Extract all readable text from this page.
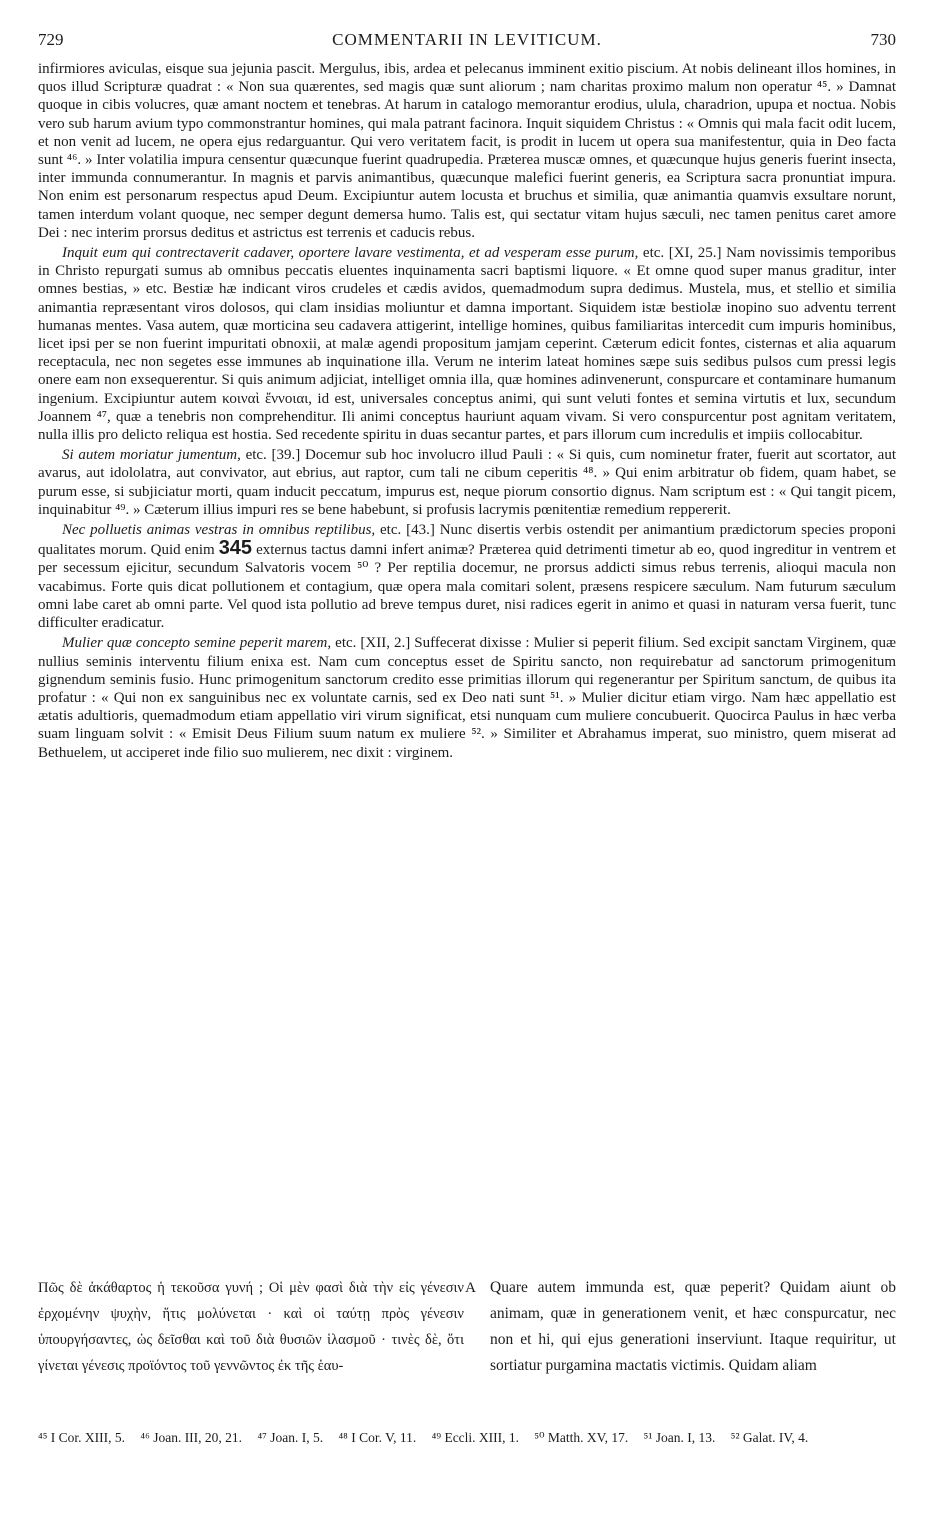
729	COMMENTARII IN LEVITICUM.	730

infirmiores aviculas, eisque sua jejunia pascit. Mergulus, ibis, ardea et pelecanus imminent exitio piscium. At nobis delineant illos homines, in quos illud Scripturæ quadrat : « Non sua quærentes, sed magis quæ sunt aliorum ; nam charitas proximo malum non operatur ⁴⁵. » Damnat quoque in cibis volucres, quæ amant noctem et tenebras. At harum in catalogo memorantur erodius, ulula, charadrion, upupa et noctua. Nobis vero sub harum avium typo commonstrantur homines, qui mala patrant facinora. Inquit siquidem Christus : « Omnis qui mala facit odit lucem, et non venit ad lucem, ne opera ejus redarguantur. Qui vero veritatem facit, is prodit in lucem ut opera sua manifestentur, quia in Deo facta sunt ⁴⁶. » Inter volatilia impura censentur quæcunque fuerint quadrupedia. Præterea muscæ omnes, et quæcunque hujus generis fuerint insecta, inter immunda connumerantur. In magnis et parvis animantibus, quæcunque malefici fuerint generis, ea Scriptura sacra pronuntiat impura. Non enim est personarum respectus apud Deum. Excipiuntur autem locusta et bruchus et similia, quæ animantia quamvis exsultare norunt, tamen interdum volant quoque, nec semper degunt demersa humo. Talis est, qui sectatur vitam hujus sæculi, nec tamen penitus caret amore Dei : nec interim prorsus deditus et astrictus est terrenis et caducis rebus.

Inquit eum qui contrectaverit cadaver, oportere lavare vestimenta, et ad vesperam esse purum, etc. [XI, 25.] Nam novissimis temporibus in Christo repurgati sumus ab omnibus peccatis eluentes inquinamenta sacri baptismi liquore. « Et omne quod super manus graditur, inter omnes bestias, » etc. Bestiæ hæ indicant viros crudeles et cædis avidos, quemadmodum supra dedimus. Mustela, mus, et stellio et similia animantia repræsentant viros dolosos, qui clam insidias moliuntur et damna important. Siquidem istæ bestiolæ inopino suo adventu terrent humanas mentes. Vasa autem, quæ morticina seu cadavera attigerint, intellige homines, quibus familiaritas intercedit cum impuris hominibus, licet ipsi per se non fuerint impuritati obnoxii, at malæ agendi propositum jamjam ceperint. Cæterum edicit fontes, cisternas et alia aquarum receptacula, nec non segetes esse immunes ab inquinatione illa. Verum ne interim lateat homines sæpe suis sedibus pulsos cum pressi legis onere eam non exsequerentur. Si quis animum adjiciat, intelliget omnia illa, quæ homines adinvenerunt, conspurcare et contaminare humanum ingenium. Excipiuntur autem κοιναὶ ἔννοιαι, id est, universales conceptus animi, qui sunt veluti fontes et semina virtutis et lux, secundum Joannem ⁴⁷, quæ a tenebris non comprehenditur. Ili animi conceptus hauriunt aquam vivam. Si vero conspurcentur post agnitam veritatem, nulla illis pro delicto reliqua est hostia. Sed recedente spiritu in duas secantur partes, et pars illorum cum incredulis et impiis collocabitur.

Si autem moriatur jumentum, etc. [39.] Docemur sub hoc involucro illud Pauli : « Si quis, cum nominetur frater, fuerit aut scortator, aut avarus, aut idololatra, aut convivator, aut ebrius, aut raptor, cum tali ne cibum ceperitis ⁴⁸. » Qui enim arbitratur ob fidem, quam habet, se purum esse, si subjiciatur morti, quam inducit peccatum, impurus est, neque piorum consortio dignus. Nam scriptum est : « Qui tangit picem, inquinabitur ⁴⁹. » Cæterum illius impuri res se bene habebunt, si profusis lacrymis pœnitentiæ remedium reppererit.

Nec polluetis animas vestras in omnibus reptilibus, etc. [43.] Nunc disertis verbis ostendit per animantium prædictorum species proponi qualitates morum. Quid enim 345 externus tactus damni infert animæ? Præterea quid detrimenti timetur ab eo, quod ingreditur in ventrem et per secessum ejicitur, secundum Salvatoris vocem ⁵⁰ ? Per reptilia docemur, ne prorsus addicti simus rebus terrenis, alioqui macula non vacabimus. Forte quis dicat pollutionem et contagium, quæ opera mala comitari solent, præsens respicere sæculum. Nam futurum sæculum omni labe caret ab omni parte. Vel quod ista pollutio ad breve tempus duret, nisi radices egerit in animo et quasi in naturam versa fuerit, tunc difficulter eradicatur.

Mulier quæ concepto semine peperit marem, etc. [XII, 2.] Suffecerat dixisse : Mulier si peperit filium. Sed excipit sanctam Virginem, quæ nullius seminis interventu filium enixa est. Nam cum conceptus esset de Spiritu sancto, non requirebatur ad sanctorum primogenitum gignendum seminis fusio. Hunc primogenitum sanctorum credito esse primitias illorum qui regenerantur per Spiritum sanctum, de quibus ita profatur : « Qui non ex sanguinibus nec ex voluntate carnis, sed ex Deo nati sunt ⁵¹. » Mulier dicitur etiam virgo. Nam hæc appellatio est ætatis adultioris, quemadmodum etiam appellatio viri virum significat, etsi nunquam cum muliere concubuerit. Quocirca Paulus in hæc verba suam linguam solvit : « Emisit Deus Filium suum natum ex muliere ⁵². » Similiter et Abrahamus imperat, suo ministro, quem miserat ad Bethuelem, ut acciperet inde filio suo mulierem, nec dixit : virginem.

A
Πῶς δὲ ἀκάθαρτος ἡ τεκοῦσα γυνή ; Οἱ μὲν φασὶ διὰ τὴν εἰς γένεσιν ἐρχομένην ψυχὴν, ἥτις μολύνεται · καὶ οἱ ταύτῃ πρὸς γένεσιν ὑπουργήσαντες, ὡς δεῖσθαι καὶ τοῦ διὰ θυσιῶν ἱλασμοῦ · τινὲς δὲ, ὅτι γίνεται γένεσις προϊόντος τοῦ γεννῶντος ἐκ τῆς ἑαυ-
Quare autem immunda est, quæ peperit? Quidam aiunt ob animam, quæ in generationem venit, et hæc conspurcatur, nec non et hi, qui ejus generationi inserviunt. Itaque requiritur, ut sortiatur purgamina mactatis victimis. Quidam aliam
⁴⁵ I Cor. XIII, 5. ⁴⁶ Joan. III, 20, 21. ⁴⁷ Joan. I, 5. ⁴⁸ I Cor. V, 11. ⁴⁹ Eccli. XIII, 1. ⁵⁰ Matth. XV, 17. ⁵¹ Joan. I, 13. ⁵² Galat. IV, 4.
